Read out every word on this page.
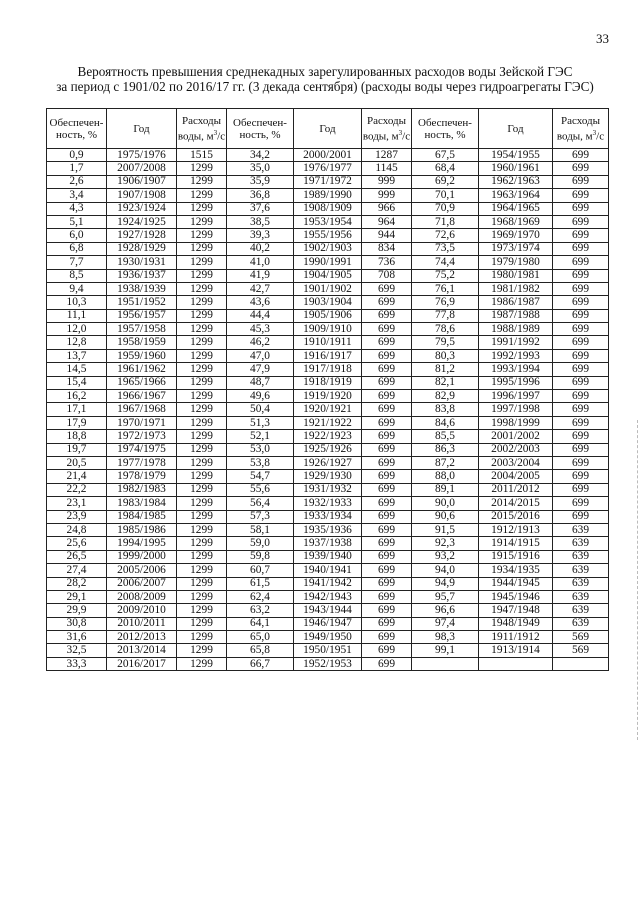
33
Вероятность превышения среднекадных зарегулированных расходов воды Зейской ГЭС
за период с 1901/02 по 2016/17 гг. (3 декада сентября) (расходы воды через гидроагрегаты ГЭС)
Обеспечен-ность, %	Год	Расходы воды, $м^3/с$	Обеспечен-ность, %	Год	Расходы воды, $м^3/с$	Обеспечен-ность, %	Год	Расходы воды, $м^3/с$
0,9	1975/1976	1515	34,2	2000/2001	1287	67,5	1954/1955	699
1,7	2007/2008	1299	35,0	1976/1977	1145	68,4	1960/1961	699
2,6	1906/1907	1299	35,9	1971/1972	999	69,2	1962/1963	699
3,4	1907/1908	1299	36,8	1989/1990	999	70,1	1963/1964	699
4,3	1923/1924	1299	37,6	1908/1909	966	70,9	1964/1965	699
5,1	1924/1925	1299	38,5	1953/1954	964	71,8	1968/1969	699
6,0	1927/1928	1299	39,3	1955/1956	944	72,6	1969/1970	699
6,8	1928/1929	1299	40,2	1902/1903	834	73,5	1973/1974	699
7,7	1930/1931	1299	41,0	1990/1991	736	74,4	1979/1980	699
8,5	1936/1937	1299	41,9	1904/1905	708	75,2	1980/1981	699
9,4	1938/1939	1299	42,7	1901/1902	699	76,1	1981/1982	699
10,3	1951/1952	1299	43,6	1903/1904	699	76,9	1986/1987	699
11,1	1956/1957	1299	44,4	1905/1906	699	77,8	1987/1988	699
12,0	1957/1958	1299	45,3	1909/1910	699	78,6	1988/1989	699
12,8	1958/1959	1299	46,2	1910/1911	699	79,5	1991/1992	699
13,7	1959/1960	1299	47,0	1916/1917	699	80,3	1992/1993	699
14,5	1961/1962	1299	47,9	1917/1918	699	81,2	1993/1994	699
15,4	1965/1966	1299	48,7	1918/1919	699	82,1	1995/1996	699
16,2	1966/1967	1299	49,6	1919/1920	699	82,9	1996/1997	699
17,1	1967/1968	1299	50,4	1920/1921	699	83,8	1997/1998	699
17,9	1970/1971	1299	51,3	1921/1922	699	84,6	1998/1999	699
18,8	1972/1973	1299	52,1	1922/1923	699	85,5	2001/2002	699
19,7	1974/1975	1299	53,0	1925/1926	699	86,3	2002/2003	699
20,5	1977/1978	1299	53,8	1926/1927	699	87,2	2003/2004	699
21,4	1978/1979	1299	54,7	1929/1930	699	88,0	2004/2005	699
22,2	1982/1983	1299	55,6	1931/1932	699	89,1	2011/2012	699
23,1	1983/1984	1299	56,4	1932/1933	699	90,0	2014/2015	699
23,9	1984/1985	1299	57,3	1933/1934	699	90,6	2015/2016	699
24,8	1985/1986	1299	58,1	1935/1936	699	91,5	1912/1913	639
25,6	1994/1995	1299	59,0	1937/1938	699	92,3	1914/1915	639
26,5	1999/2000	1299	59,8	1939/1940	699	93,2	1915/1916	639
27,4	2005/2006	1299	60,7	1940/1941	699	94,0	1934/1935	639
28,2	2006/2007	1299	61,5	1941/1942	699	94,9	1944/1945	639
29,1	2008/2009	1299	62,4	1942/1943	699	95,7	1945/1946	639
29,9	2009/2010	1299	63,2	1943/1944	699	96,6	1947/1948	639
30,8	2010/2011	1299	64,1	1946/1947	699	97,4	1948/1949	639
31,6	2012/2013	1299	65,0	1949/1950	699	98,3	1911/1912	569
32,5	2013/2014	1299	65,8	1950/1951	699	99,1	1913/1914	569
33,3	2016/2017	1299	66,7	1952/1953	699			
